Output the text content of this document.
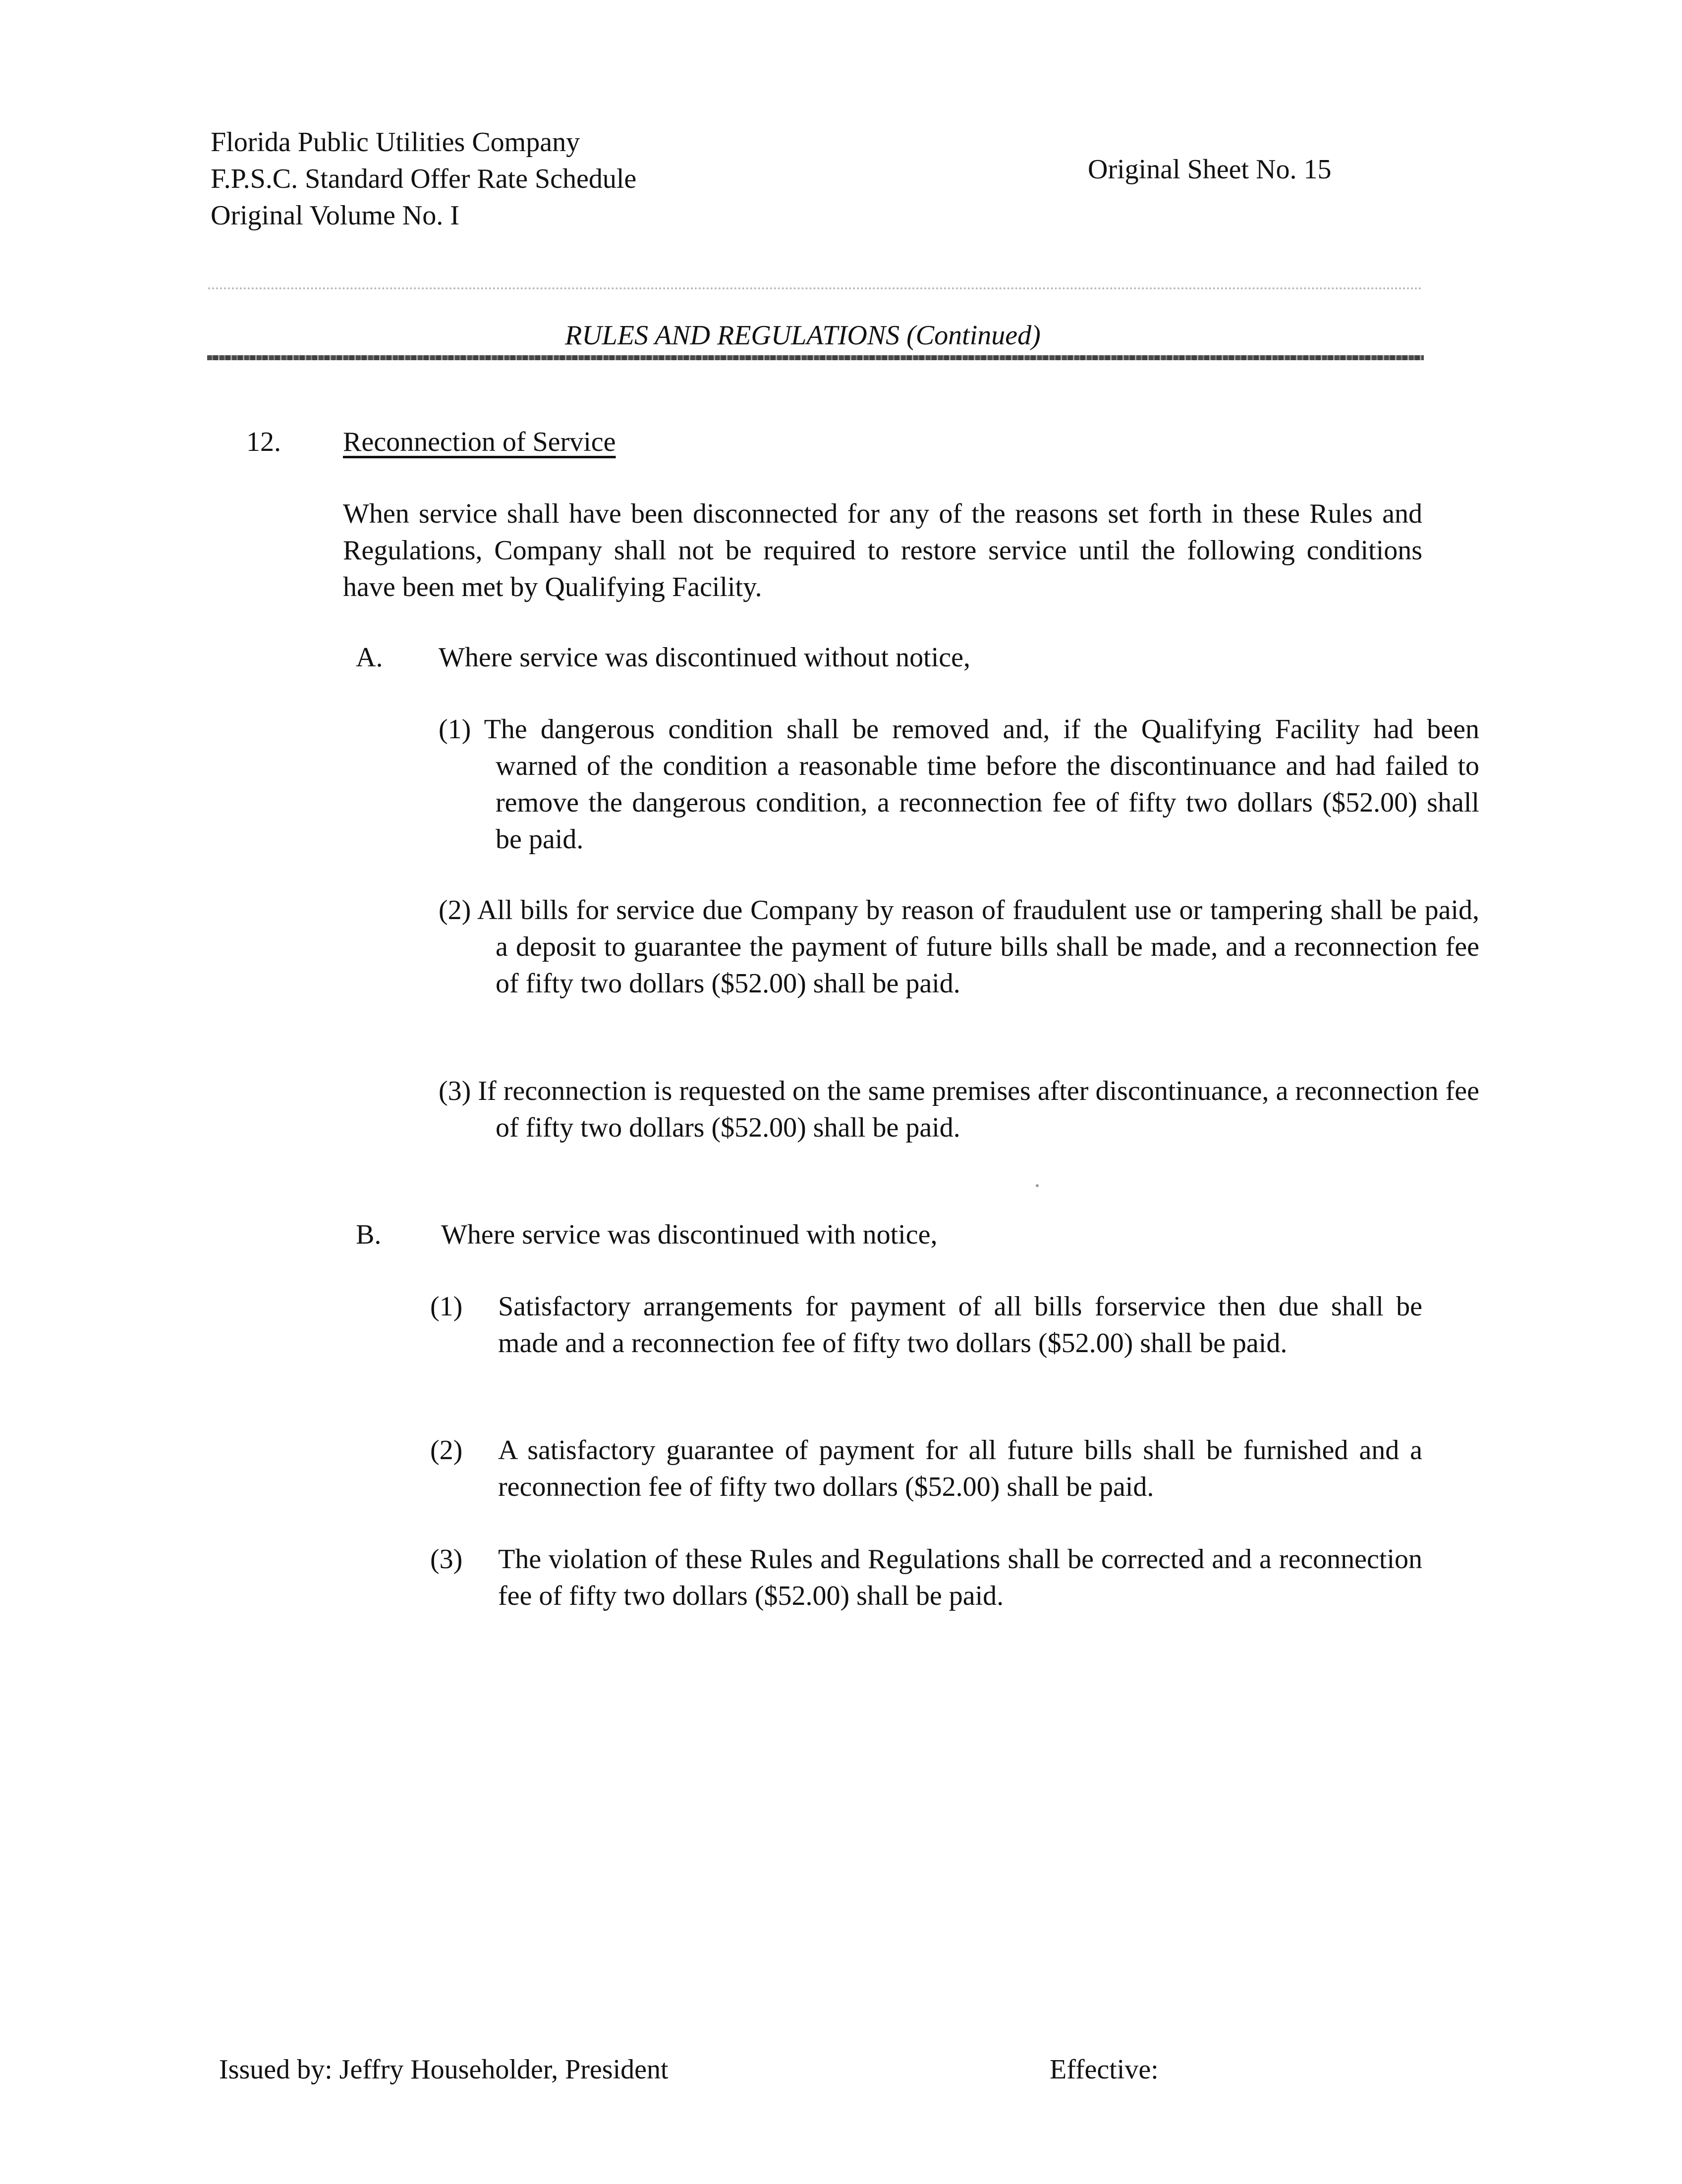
Florida Public Utilities Company
F.P.S.C. Standard Offer Rate Schedule
Original Volume No. I
Original Sheet No. 15
RULES AND REGULATIONS (Continued)
12. Reconnection of Service
When service shall have been disconnected for any of the reasons set forth in these Rules and Regulations, Company shall not be required to restore service until the following conditions have been met by Qualifying Facility.
A. Where service was discontinued without notice,
(1) The dangerous condition shall be removed and, if the Qualifying Facility had been warned of the condition a reasonable time before the discontinuance and had failed to remove the dangerous condition, a reconnection fee of fifty two dollars ($52.00) shall be paid.
(2) All bills for service due Company by reason of fraudulent use or tampering shall be paid, a deposit to guarantee the payment of future bills shall be made, and a reconnection fee of fifty two dollars ($52.00) shall be paid.
(3) If reconnection is requested on the same premises after discontinuance, a reconnection fee of fifty two dollars ($52.00) shall be paid.
B. Where service was discontinued with notice,
(1) Satisfactory arrangements for payment of all bills forservice then due shall be made and a reconnection fee of fifty two dollars ($52.00) shall be paid.
(2) A satisfactory guarantee of payment for all future bills shall be furnished and a reconnection fee of fifty two dollars ($52.00) shall be paid.
(3) The violation of these Rules and Regulations shall be corrected and a reconnection fee of fifty two dollars ($52.00) shall be paid.
Issued by: Jeffry Householder, President	Effective:
